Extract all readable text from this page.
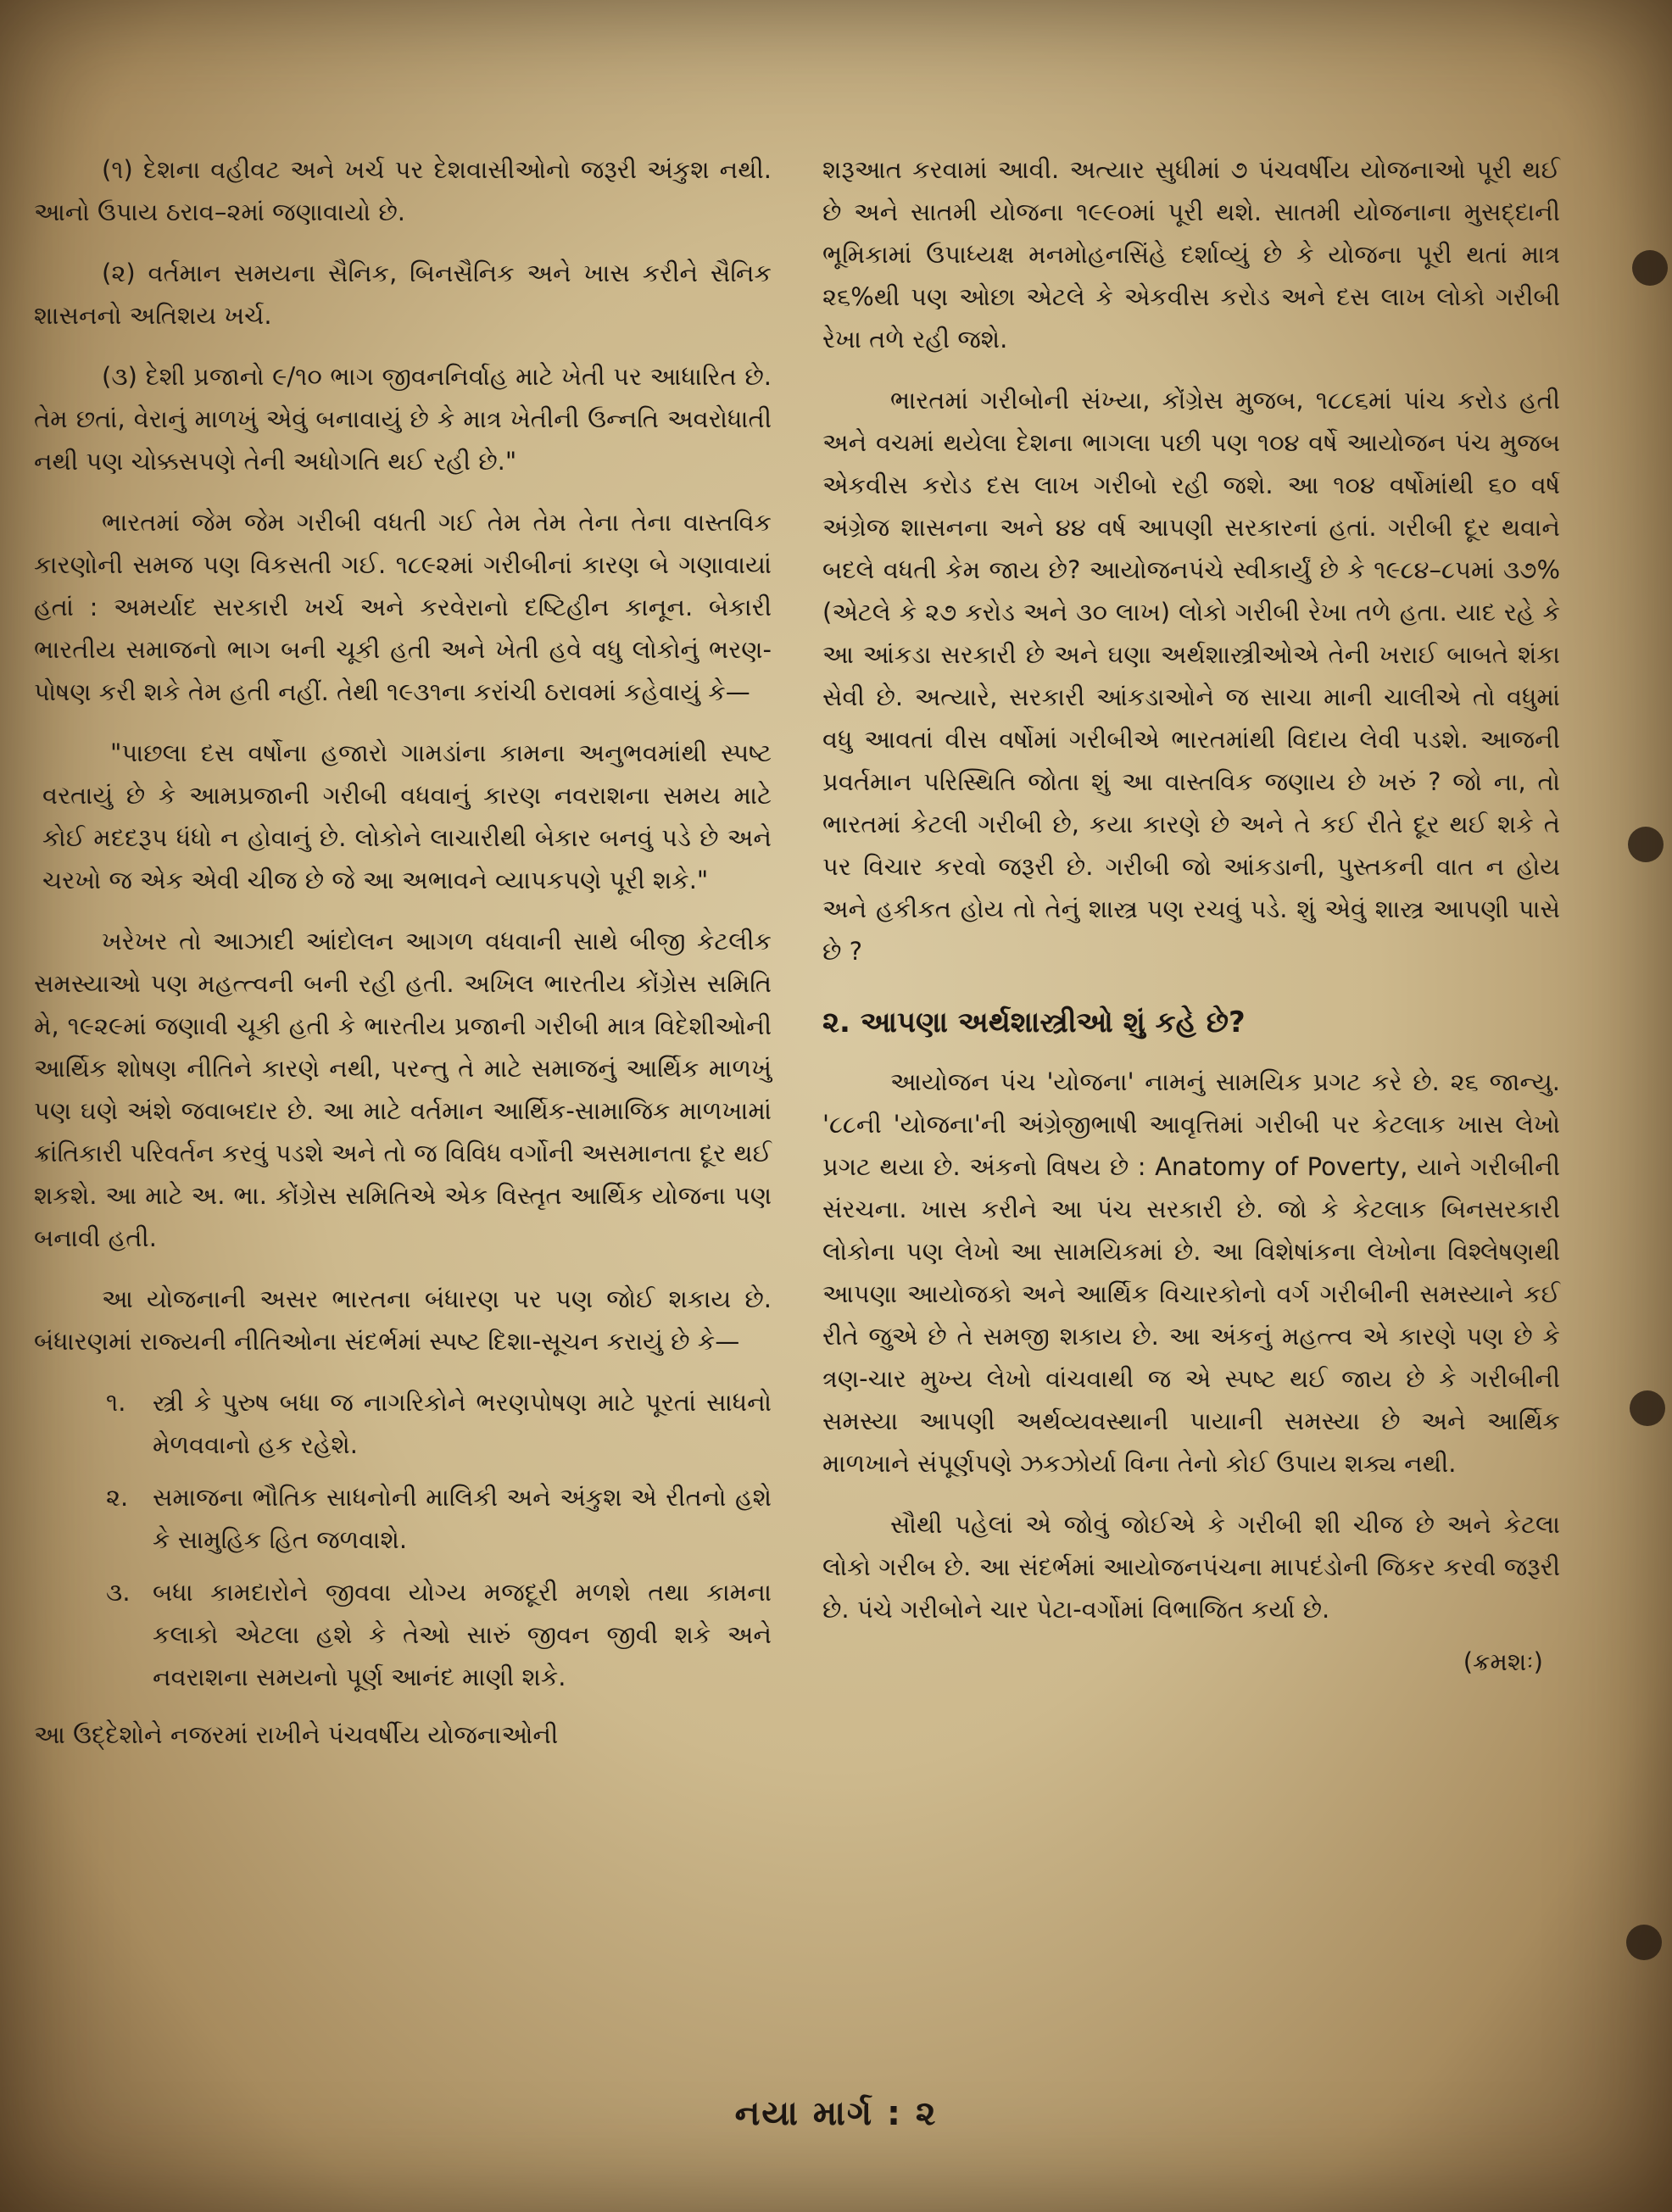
(૧) દેશના વહીવટ અને ખર્ચ પર દેશવાસીઓનો જરૂરી અંકુશ નથી. આનો ઉપાય ઠરાવ–૨માં જણાવાયો છે.

(૨) વર્તમાન સમયના સૈનિક, બિનસૈનિક અને ખાસ કરીને સૈનિક શાસનનો અતિશય ખર્ચ.

(૩) દેશી પ્રજાનો ૯/૧૦ ભાગ જીવનનિર્વાહ માટે ખેતી પર આધારિત છે. તેમ છતાં, વેરાનું માળખું એવું બનાવાયું છે કે માત્ર ખેતીની ઉન્નતિ અવરોધાતી નથી પણ ચોક્કસપણે તેની અધોગતિ થઈ રહી છે."

ભારતમાં જેમ જેમ ગરીબી વધતી ગઈ તેમ તેમ તેના તેના વાસ્તવિક કારણોની સમજ પણ વિકસતી ગઈ. ૧૮૯૨માં ગરીબીનાં કારણ બે ગણાવાયાં હતાં : અમર્યાદ સરકારી ખર્ચ અને કરવેરાનો દષ્ટિહીન કાનૂન. બેકારી ભારતીય સમાજનો ભાગ બની ચૂકી હતી અને ખેતી હવે વધુ લોકોનું ભરણ-પોષણ કરી શકે તેમ હતી નહીં. તેથી ૧૯૩૧ના કરાંચી ઠરાવમાં કહેવાયું કે—

"પાછલા દસ વર્ષોના હજારો ગામડાંના કામના અનુભવમાંથી સ્પષ્ટ વરતાયું છે કે આમપ્રજાની ગરીબી વધવાનું કારણ નવરાશના સમય માટે કોઈ મદદરૂપ ધંધો ન હોવાનું છે. લોકોને લાચારીથી બેકાર બનવું પડે છે અને ચરખો જ એક એવી ચીજ છે જે આ અભાવને વ્યાપકપણે પૂરી શકે."

ખરેખર તો આઝાદી આંદોલન આગળ વધવાની સાથે બીજી કેટલીક સમસ્યાઓ પણ મહત્ત્વની બની રહી હતી. અખિલ ભારતીય કોંગ્રેસ સમિતિ મે, ૧૯૨૯માં જણાવી ચૂકી હતી કે ભારતીય પ્રજાની ગરીબી માત્ર વિદેશીઓની આર્થિક શોષણ નીતિને કારણે નથી, પરન્તુ તે માટે સમાજનું આર્થિક માળખું પણ ઘણે અંશે જવાબદાર છે. આ માટે વર્તમાન આર્થિક-સામાજિક માળખામાં ક્રાંતિકારી પરિવર્તન કરવું પડશે અને તો જ વિવિધ વર્ગોની અસમાનતા દૂર થઈ શકશે. આ માટે અ. ભા. કોંગ્રેસ સમિતિએ એક વિસ્તૃત આર્થિક યોજના પણ બનાવી હતી.

આ યોજનાની અસર ભારતના બંધારણ પર પણ જોઈ શકાય છે. બંધારણમાં રાજ્યની નીતિઓના સંદર્ભમાં સ્પષ્ટ દિશા-સૂચન કરાયું છે કે—

૧. સ્ત્રી કે પુરુષ બધા જ નાગરિકોને ભરણપોષણ માટે પૂરતાં સાધનો મેળવવાનો હક રહેશે.
૨. સમાજના ભૌતિક સાધનોની માલિકી અને અંકુશ એ રીતનો હશે કે સામુહિક હિત જળવાશે.
૩. બધા કામદારોને જીવવા યોગ્ય મજદૂરી મળશે તથા કામના કલાકો એટલા હશે કે તેઓ સારું જીવન જીવી શકે અને નવરાશના સમયનો પૂર્ણ આનંદ માણી શકે.

આ ઉદ્દેશોને નજરમાં રાખીને પંચવર્ષીય યોજનાઓની

શરૂઆત કરવામાં આવી. અત્યાર સુધીમાં ૭ પંચવર્ષીય યોજનાઓ પૂરી થઈ છે અને સાતમી યોજના ૧૯૯૦માં પૂરી થશે. સાતમી યોજનાના મુસદ્દાની ભૂમિકામાં ઉપાધ્યક્ષ મનમોહનસિંહે દર્શાવ્યું છે કે યોજના પૂરી થતાં માત્ર ૨૬%થી પણ ઓછા એટલે કે એકવીસ કરોડ અને દસ લાખ લોકો ગરીબી રેખા તળે રહી જશે.

ભારતમાં ગરીબોની સંખ્યા, કોંગ્રેસ મુજબ, ૧૮૮૬માં પાંચ કરોડ હતી અને વચમાં થયેલા દેશના ભાગલા પછી પણ ૧૦૪ વર્ષે આયોજન પંચ મુજબ એકવીસ કરોડ દસ લાખ ગરીબો રહી જશે. આ ૧૦૪ વર્ષોમાંથી ૬૦ વર્ષ અંગ્રેજ શાસનના અને ૪૪ વર્ષ આપણી સરકારનાં હતાં. ગરીબી દૂર થવાને બદલે વધતી કેમ જાય છે? આયોજનપંચે સ્વીકાર્યું છે કે ૧૯૮૪–૮૫માં ૩૭% (એટલે કે ૨૭ કરોડ અને ૩૦ લાખ) લોકો ગરીબી રેખા તળે હતા. યાદ રહે કે આ આંકડા સરકારી છે અને ઘણા અર્થશાસ્ત્રીઓએ તેની ખરાઈ બાબતે શંકા સેવી છે. અત્યારે, સરકારી આંકડાઓને જ સાચા માની ચાલીએ તો વધુમાં વધુ આવતાં વીસ વર્ષોમાં ગરીબીએ ભારતમાંથી વિદાય લેવી પડશે. આજની પ્રવર્તમાન પરિસ્થિતિ જોતા શું આ વાસ્તવિક જણાય છે ખરું ? જો ના, તો ભારતમાં કેટલી ગરીબી છે, કયા કારણે છે અને તે કઈ રીતે દૂર થઈ શકે તે પર વિચાર કરવો જરૂરી છે. ગરીબી જો આંકડાની, પુસ્તકની વાત ન હોય અને હકીકત હોય તો તેનું શાસ્ત્ર પણ રચવું પડે. શું એવું શાસ્ત્ર આપણી પાસે છે ?

૨. આપણા અર્થશાસ્ત્રીઓ શું કહે છે?

આયોજન પંચ 'યોજના' નામનું સામયિક પ્રગટ કરે છે. ૨૬ જાન્યુ. '૮૮ની 'યોજના'ની અંગ્રેજીભાષી આવૃત્તિમાં ગરીબી પર કેટલાક ખાસ લેખો પ્રગટ થયા છે. અંકનો વિષય છે : Anatomy of Poverty, યાને ગરીબીની સંરચના. ખાસ કરીને આ પંચ સરકારી છે. જો કે કેટલાક બિનસરકારી લોકોના પણ લેખો આ સામયિકમાં છે. આ વિશેષાંકના લેખોના વિશ્લેષણથી આપણા આયોજકો અને આર્થિક વિચારકોનો વર્ગ ગરીબીની સમસ્યાને કઈ રીતે જુએ છે તે સમજી શકાય છે. આ અંકનું મહત્ત્વ એ કારણે પણ છે કે ત્રણ-ચાર મુખ્ય લેખો વાંચવાથી જ એ સ્પષ્ટ થઈ જાય છે કે ગરીબીની સમસ્યા આપણી અર્થવ્યવસ્થાની પાયાની સમસ્યા છે અને આર્થિક માળખાને સંપૂર્ણપણે ઝકઝોર્યા વિના તેનો કોઈ ઉપાય શક્ય નથી.

સૌથી પહેલાં એ જોવું જોઈએ કે ગરીબી શી ચીજ છે અને કેટલા લોકો ગરીબ છે. આ સંદર્ભમાં આયોજનપંચના માપદંડોની જિકર કરવી જરૂરી છે. પંચે ગરીબોને ચાર પેટા-વર્ગોમાં વિભાજિત કર્યા છે.

(ક્રમશઃ)
નયા માર્ગ : ૨
